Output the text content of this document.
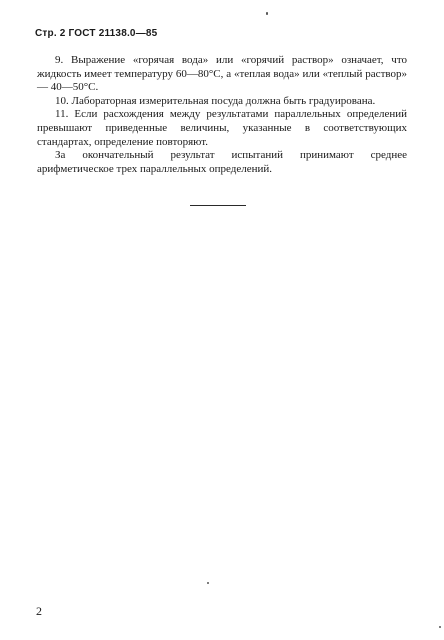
Стр. 2 ГОСТ 21138.0—85

9. Выражение «горячая вода» или «горячий раствор» означает, что жидкость имеет температуру 60—80°С, а «теплая вода» или «теплый раствор» — 40—50°С.

10. Лабораторная измерительная посуда должна быть градуирована.

11. Если расхождения между результатами параллельных определений превышают приведенные величины, указанные в соответствующих стандартах, определение повторяют.

За окончательный результат испытаний принимают среднее арифметическое трех параллельных определений.

2
